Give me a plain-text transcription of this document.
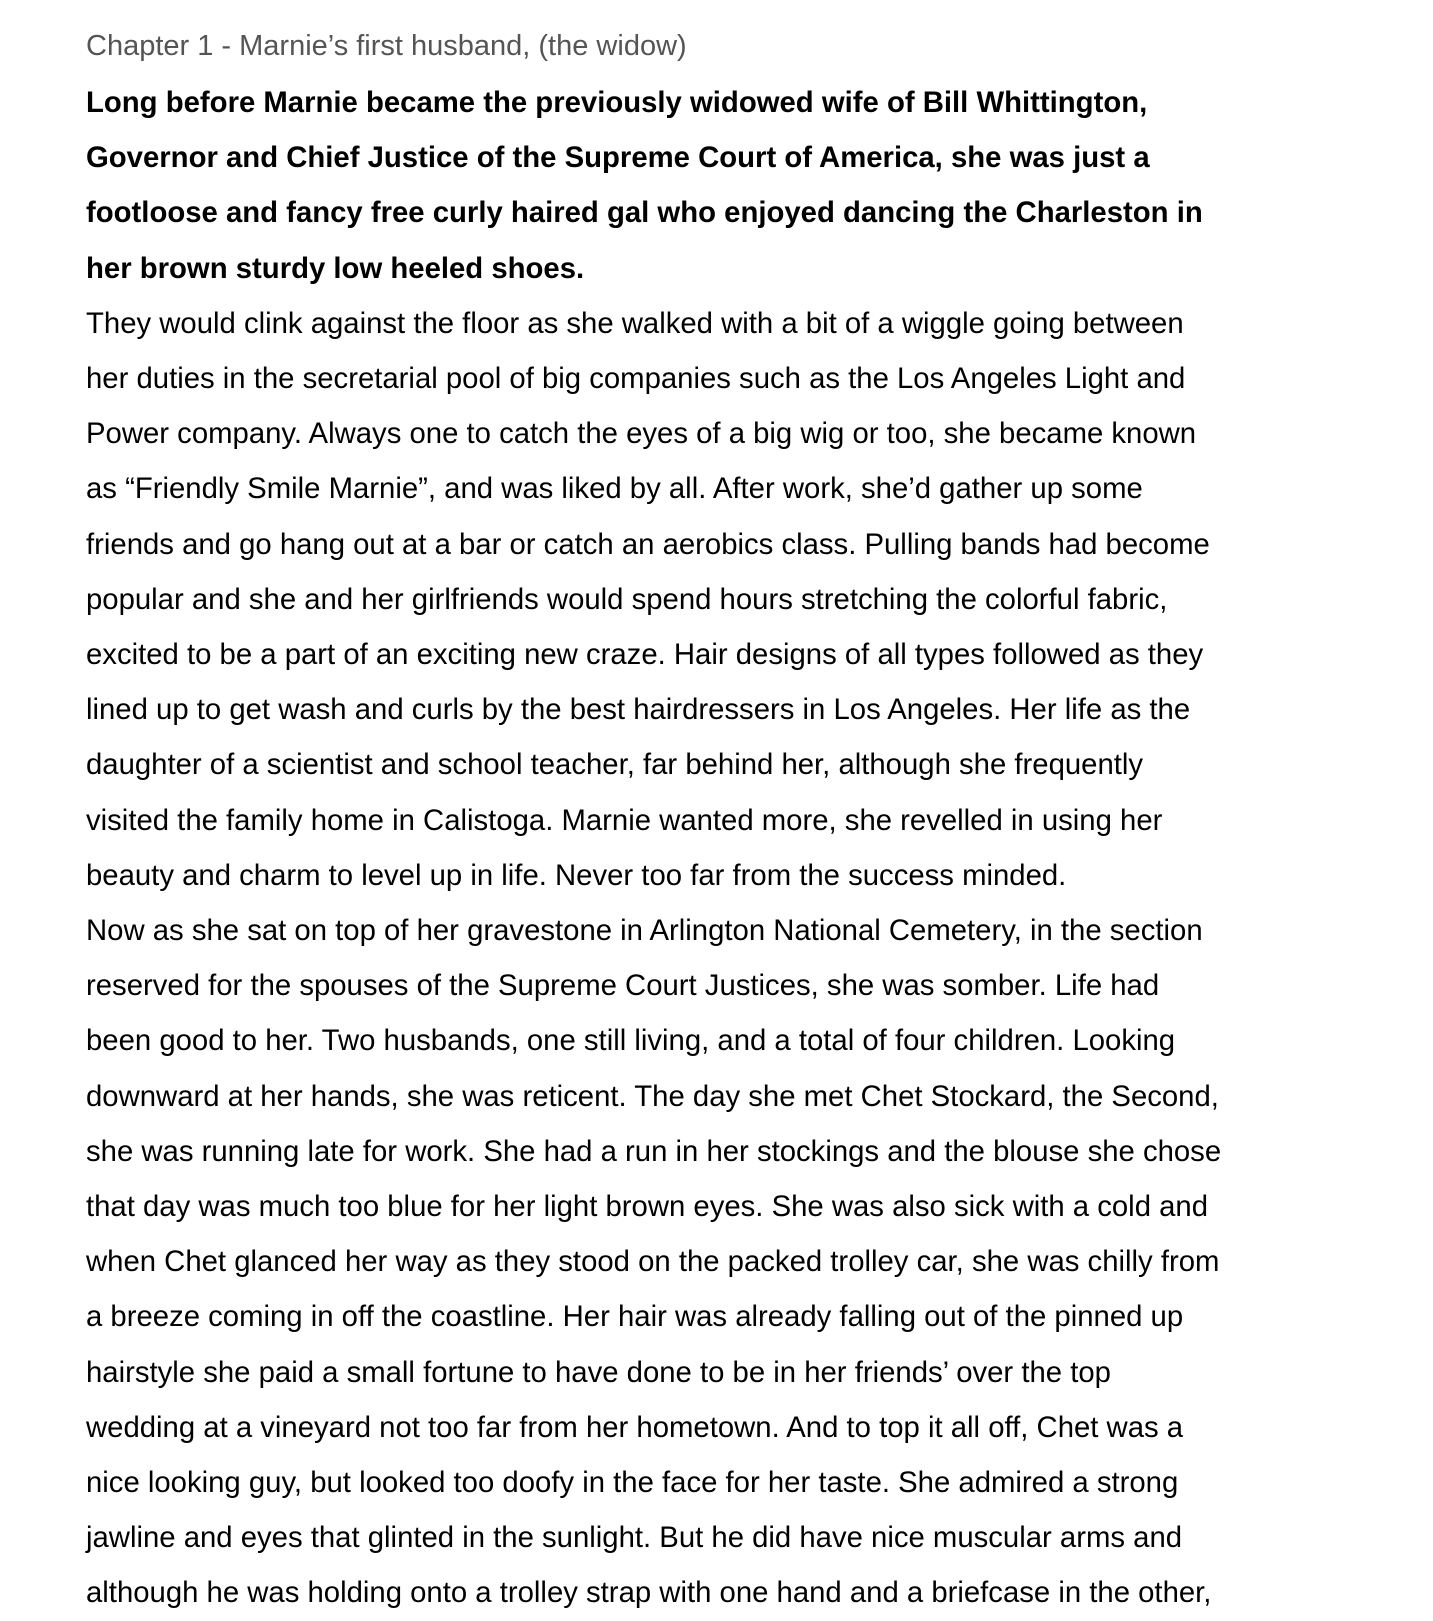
Chapter 1 - Marnie’s first husband, (the widow)
Long before Marnie became the previously widowed wife of Bill Whittington,
Governor and Chief Justice of the Supreme Court of America, she was just a
footloose and fancy free curly haired gal who enjoyed dancing the Charleston in
her brown sturdy low heeled shoes.
They would clink against the floor as she walked with a bit of a wiggle going between
her duties in the secretarial pool of big companies such as the Los Angeles Light and
Power company. Always one to catch the eyes of a big wig or too, she became known
as “Friendly Smile Marnie”, and was liked by all. After work, she’d gather up some
friends and go hang out at a bar or catch an aerobics class. Pulling bands had become
popular and she and her girlfriends would spend hours stretching the colorful fabric,
excited to be a part of an exciting new craze. Hair designs of all types followed as they
lined up to get wash and curls by the best hairdressers in Los Angeles. Her life as the
daughter of a scientist and school teacher, far behind her, although she frequently
visited the family home in Calistoga. Marnie wanted more, she revelled in using her
beauty and charm to level up in life. Never too far from the success minded.
Now as she sat on top of her gravestone in Arlington National Cemetery, in the section
reserved for the spouses of the Supreme Court Justices, she was somber. Life had
been good to her. Two husbands, one still living, and a total of four children. Looking
downward at her hands, she was reticent. The day she met Chet Stockard, the Second,
she was running late for work. She had a run in her stockings and the blouse she chose
that day was much too blue for her light brown eyes. She was also sick with a cold and
when Chet glanced her way as they stood on the packed trolley car, she was chilly from
a breeze coming in off the coastline. Her hair was already falling out of the pinned up
hairstyle she paid a small fortune to have done to be in her friends’ over the top
wedding at a vineyard not too far from her hometown. And to top it all off, Chet was a
nice looking guy, but looked too doofy in the face for her taste. She admired a strong
jawline and eyes that glinted in the sunlight. But he did have nice muscular arms and
although he was holding onto a trolley strap with one hand and a briefcase in the other,
